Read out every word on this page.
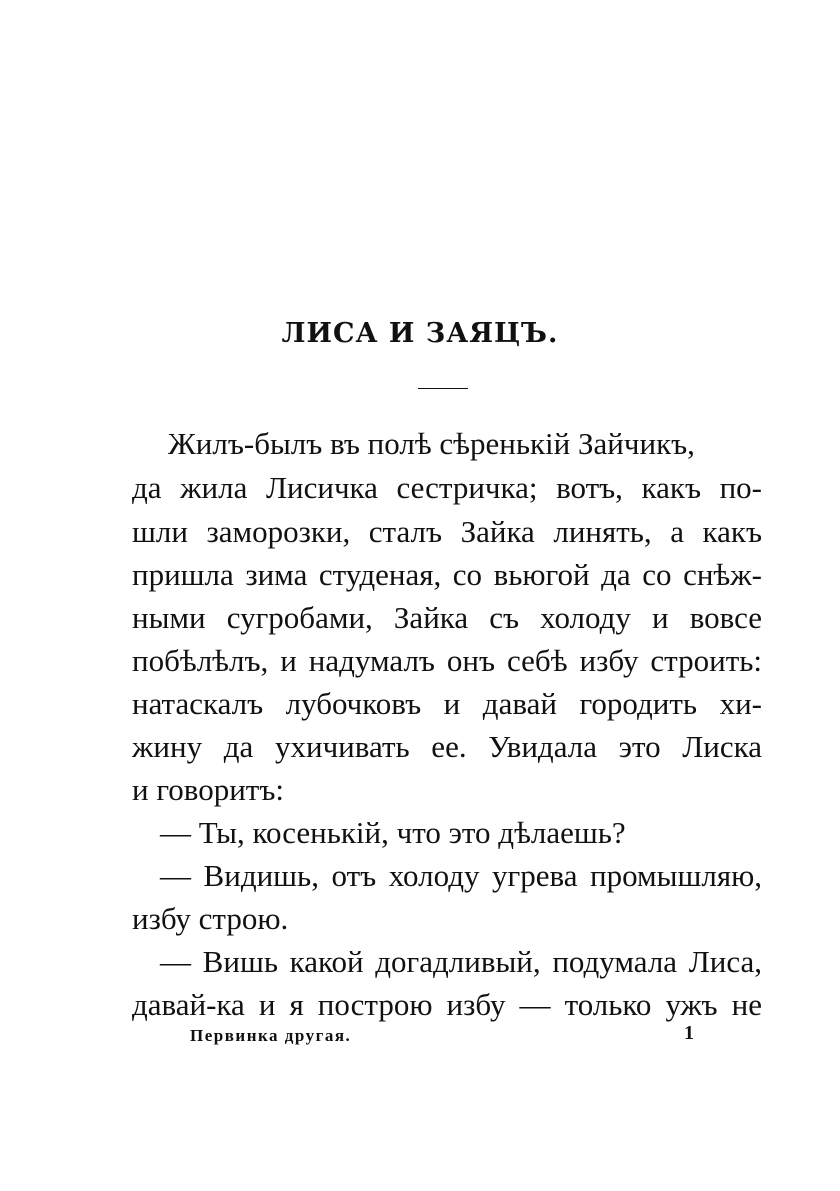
ЛИСА И ЗАЯЦЪ.
Жилъ-былъ въ полѣ сѣренькій Зайчикъ,
да жила Лисичка сестричка; вотъ, какъ по-
шли заморозки, сталъ Зайка линять, а какъ
пришла зима студеная, со вьюгой да со снѣж-
ными сугробами, Зайка съ холоду и вовсе
побѣлѣлъ, и надумалъ онъ себѣ избу строить:
натаскалъ лубочковъ и давай городить хи-
жину да ухичивать ее. Увидала это Лиска
и говоритъ:
— Ты, косенькій, что это дѣлаешь?
— Видишь, отъ холоду угрева промышляю,
избу строю.
— Вишь какой догадливый, подумала Лиса,
давай-ка и я построю избу — только ужъ не
Первинка другая.	1
